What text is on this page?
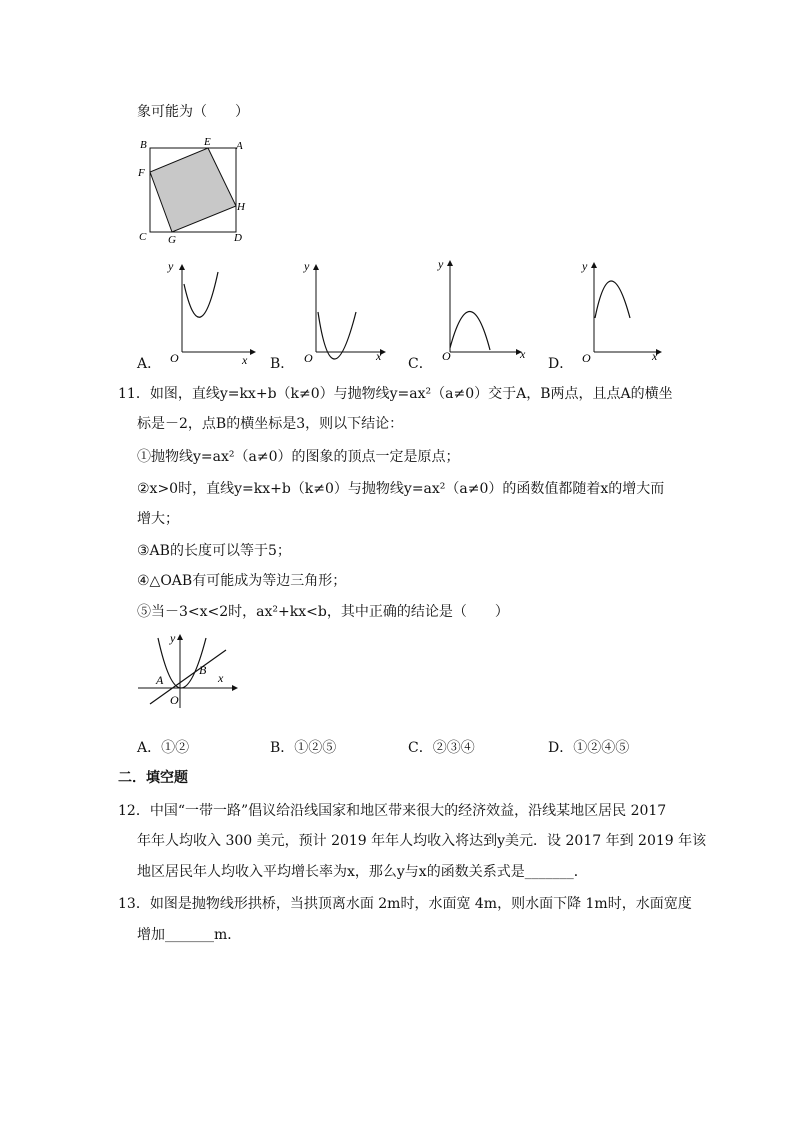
象可能为（　　）
B	E A
F
H
C G	D
A．
y
O	x B．
y
O	x C．
y
O	x
D．
y
O	x
11．如图，直线y=kx+b（k≠0）与抛物线y=ax²（a≠0）交于A，B两点，且点A的横坐
标是－2，点B的横坐标是3，则以下结论：
①抛物线y=ax²（a≠0）的图象的顶点一定是原点；
②x>0时，直线y=kx+b（k≠0）与抛物线y=ax²（a≠0）的函数值都随着x的增大而
增大；
③AB的长度可以等于5；
④△OAB有可能成为等边三角形；
⑤当－3<x<2时，ax²+kx<b，其中正确的结论是（　　）
y
x
A
B
O
A．①②	B．①②⑤	C．②③④	D．①②④⑤
二．填空题
12．中国“一带一路”倡议给沿线国家和地区带来很大的经济效益，沿线某地区居民 2017
年年人均收入 300 美元，预计 2019 年年人均收入将达到y美元．设 2017 年到 2019 年该
地区居民年人均收入平均增长率为x，那么y与x的函数关系式是_______．
13．如图是抛物线形拱桥，当拱顶离水面 2m时，水面宽 4m，则水面下降 1m时，水面宽度
增加_______m．
